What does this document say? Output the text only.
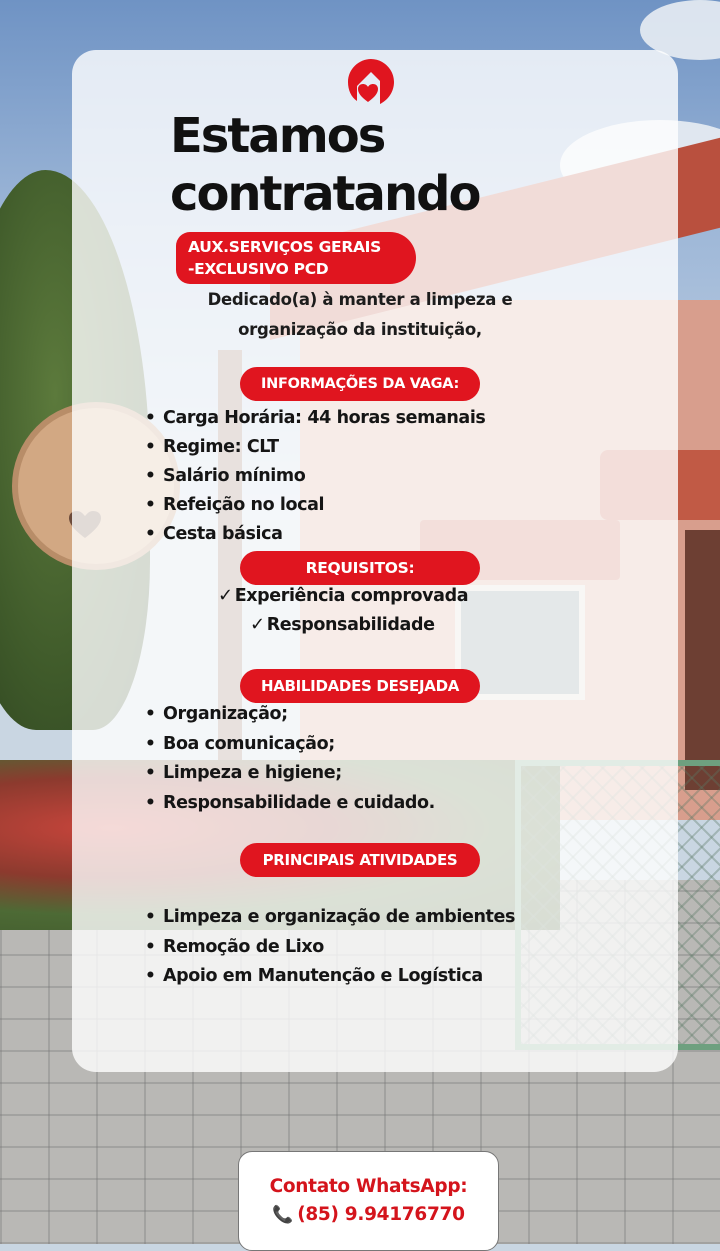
Estamos
contratando
AUX.SERVIÇOS GERAIS
-EXCLUSIVO PCD
Dedicado(a) à manter a limpeza e
organização da instituição,
INFORMAÇÕES DA VAGA:
• Carga Horária: 44 horas semanais
• Regime: CLT
• Salário mínimo
• Refeição no local
• Cesta básica
REQUISITOS:
✓ Experiência comprovada
✓ Responsabilidade
HABILIDADES DESEJADA
• Organização;
• Boa comunicação;
• Limpeza e higiene;
• Responsabilidade e cuidado.
PRINCIPAIS ATIVIDADES
• Limpeza e organização de ambientes
• Remoção de Lixo
• Apoio em Manutenção e Logística
Contato WhatsApp:
📞 (85) 9.94176770
